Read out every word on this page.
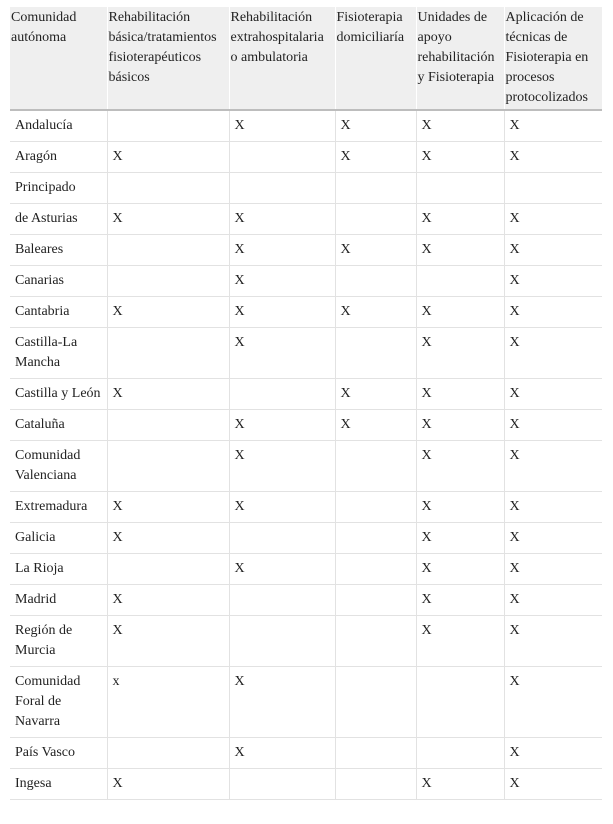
Comunidad autónoma	Rehabilitación básica/tratamientos fisioterapéuticos básicos	Rehabilitación extrahospitalaria o ambulatoria	Fisioterapia domiciliaría	Unidades de apoyo rehabilitación y Fisioterapia	Aplicación de técnicas de Fisioterapia en procesos protocolizados
Andalucía		X	X	X	X
Aragón	X		X	X	X
Principado					
de Asturias	X	X		X	X
Baleares		X	X	X	X
Canarias		X			X
Cantabria	X	X	X	X	X
Castilla-La Mancha		X		X	X
Castilla y León	X		X	X	X
Cataluña		X	X	X	X
Comunidad Valenciana		X		X	X
Extremadura	X	X		X	X
Galicia	X			X	X
La Rioja		X		X	X
Madrid	X			X	X
Región de Murcia	X			X	X
Comunidad Foral de Navarra	x	X			X
País Vasco		X			X
Ingesa	X			X	X
